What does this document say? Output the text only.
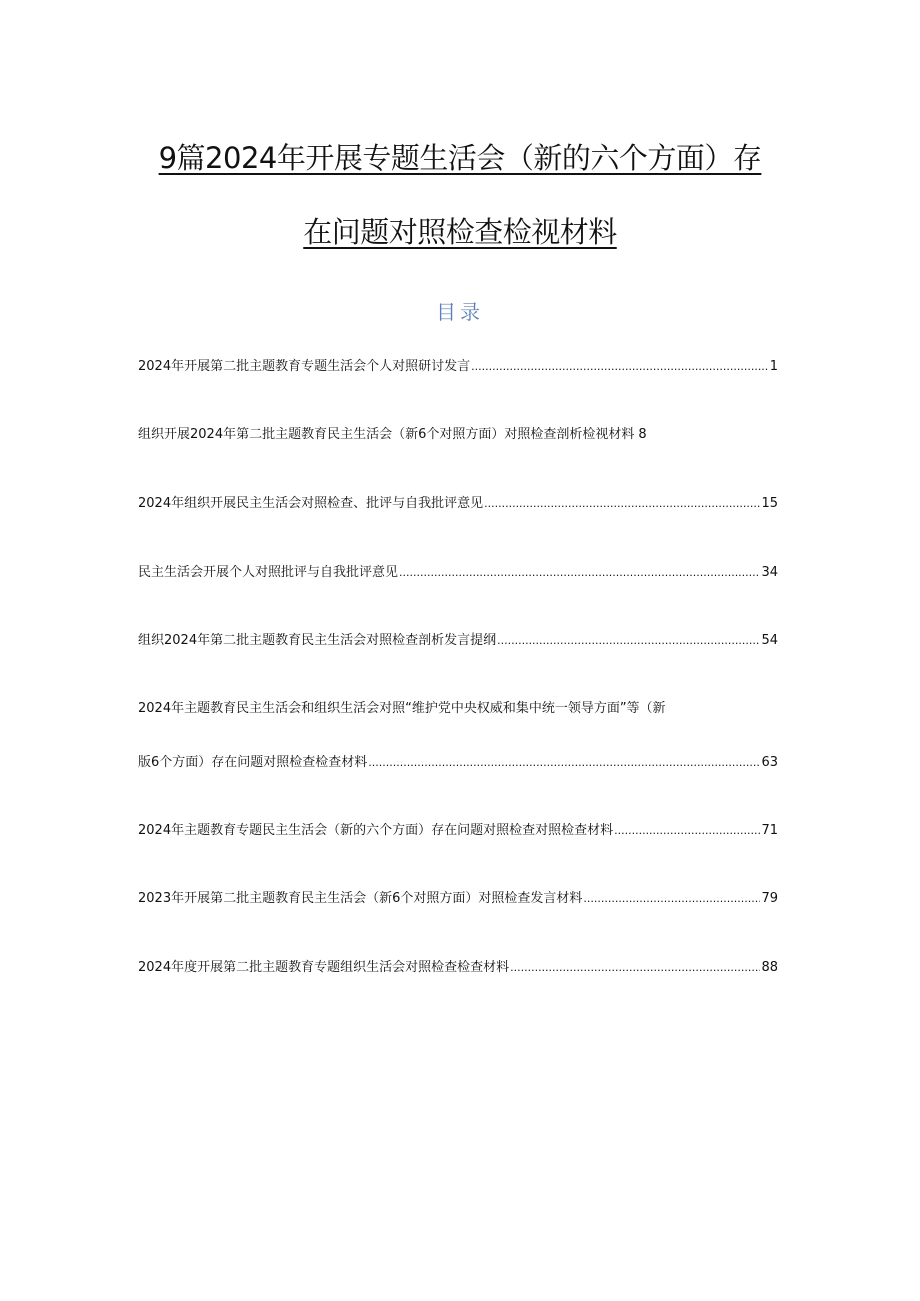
9篇2024年开展专题生活会（新的六个方面）存
在问题对照检查检视材料
目录
2024年开展第二批主题教育专题生活会个人对照研讨发言 .....	1
组织开展2024年第二批主题教育民主生活会（新6个对照方面）对照检查剖析检视材料 8
2024年组织开展民主生活会对照检查、批评与自我批评意见 .....	15
民主生活会开展个人对照批评与自我批评意见 .....	34
组织2024年第二批主题教育民主生活会对照检查剖析发言提纲 .....	54
2024年主题教育民主生活会和组织生活会对照“维护党中央权威和集中统一领导方面”等（新
版6个方面）存在问题对照检查检查材料 .....	63
2024年主题教育专题民主生活会（新的六个方面）存在问题对照检查对照检查材料 .....	71
2023年开展第二批主题教育民主生活会（新6个对照方面）对照检查发言材料 .....	79
2024年度开展第二批主题教育专题组织生活会对照检查检查材料 .....	88
